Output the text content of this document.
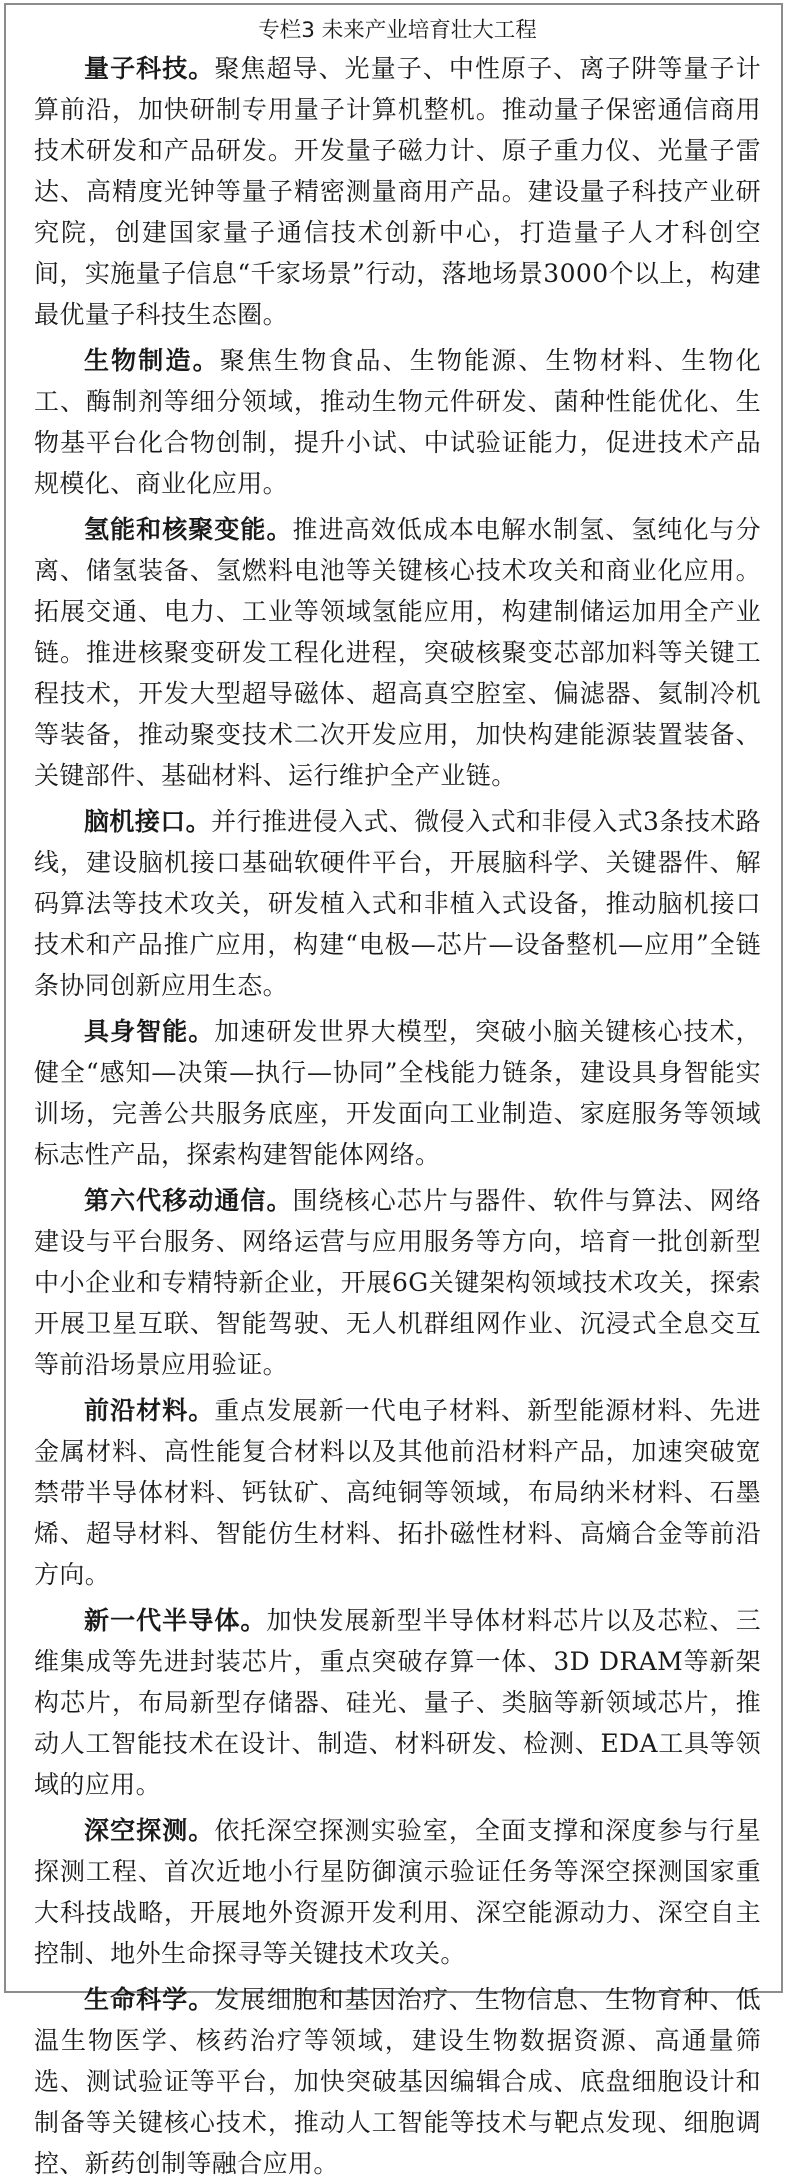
专栏3 未来产业培育壮大工程

量子科技。聚焦超导、光量子、中性原子、离子阱等量子计算前沿，加快研制专用量子计算机整机。推动量子保密通信商用技术研发和产品研发。开发量子磁力计、原子重力仪、光量子雷达、高精度光钟等量子精密测量商用产品。建设量子科技产业研究院，创建国家量子通信技术创新中心，打造量子人才科创空间，实施量子信息“千家场景”行动，落地场景3000个以上，构建最优量子科技生态圈。

生物制造。聚焦生物食品、生物能源、生物材料、生物化工、酶制剂等细分领域，推动生物元件研发、菌种性能优化、生物基平台化合物创制，提升小试、中试验证能力，促进技术产品规模化、商业化应用。

氢能和核聚变能。推进高效低成本电解水制氢、氢纯化与分离、储氢装备、氢燃料电池等关键核心技术攻关和商业化应用。拓展交通、电力、工业等领域氢能应用，构建制储运加用全产业链。推进核聚变研发工程化进程，突破核聚变芯部加料等关键工程技术，开发大型超导磁体、超高真空腔室、偏滤器、氦制冷机等装备，推动聚变技术二次开发应用，加快构建能源装置装备、关键部件、基础材料、运行维护全产业链。

脑机接口。并行推进侵入式、微侵入式和非侵入式3条技术路线，建设脑机接口基础软硬件平台，开展脑科学、关键器件、解码算法等技术攻关，研发植入式和非植入式设备，推动脑机接口技术和产品推广应用，构建“电极—芯片—设备整机—应用”全链条协同创新应用生态。

具身智能。加速研发世界大模型，突破小脑关键核心技术，健全“感知—决策—执行—协同”全栈能力链条，建设具身智能实训场，完善公共服务底座，开发面向工业制造、家庭服务等领域标志性产品，探索构建智能体网络。

第六代移动通信。围绕核心芯片与器件、软件与算法、网络建设与平台服务、网络运营与应用服务等方向，培育一批创新型中小企业和专精特新企业，开展6G关键架构领域技术攻关，探索开展卫星互联、智能驾驶、无人机群组网作业、沉浸式全息交互等前沿场景应用验证。

前沿材料。重点发展新一代电子材料、新型能源材料、先进金属材料、高性能复合材料以及其他前沿材料产品，加速突破宽禁带半导体材料、钙钛矿、高纯铜等领域，布局纳米材料、石墨烯、超导材料、智能仿生材料、拓扑磁性材料、高熵合金等前沿方向。

新一代半导体。加快发展新型半导体材料芯片以及芯粒、三维集成等先进封装芯片，重点突破存算一体、3D DRAM等新架构芯片，布局新型存储器、硅光、量子、类脑等新领域芯片，推动人工智能技术在设计、制造、材料研发、检测、EDA工具等领域的应用。

深空探测。依托深空探测实验室，全面支撑和深度参与行星探测工程、首次近地小行星防御演示验证任务等深空探测国家重大科技战略，开展地外资源开发利用、深空能源动力、深空自主控制、地外生命探寻等关键技术攻关。

生命科学。发展细胞和基因治疗、生物信息、生物育种、低温生物医学、核药治疗等领域，建设生物数据资源、高通量筛选、测试验证等平台，加快突破基因编辑合成、底盘细胞设计和制备等关键核心技术，推动人工智能等技术与靶点发现、细胞调控、新药创制等融合应用。
